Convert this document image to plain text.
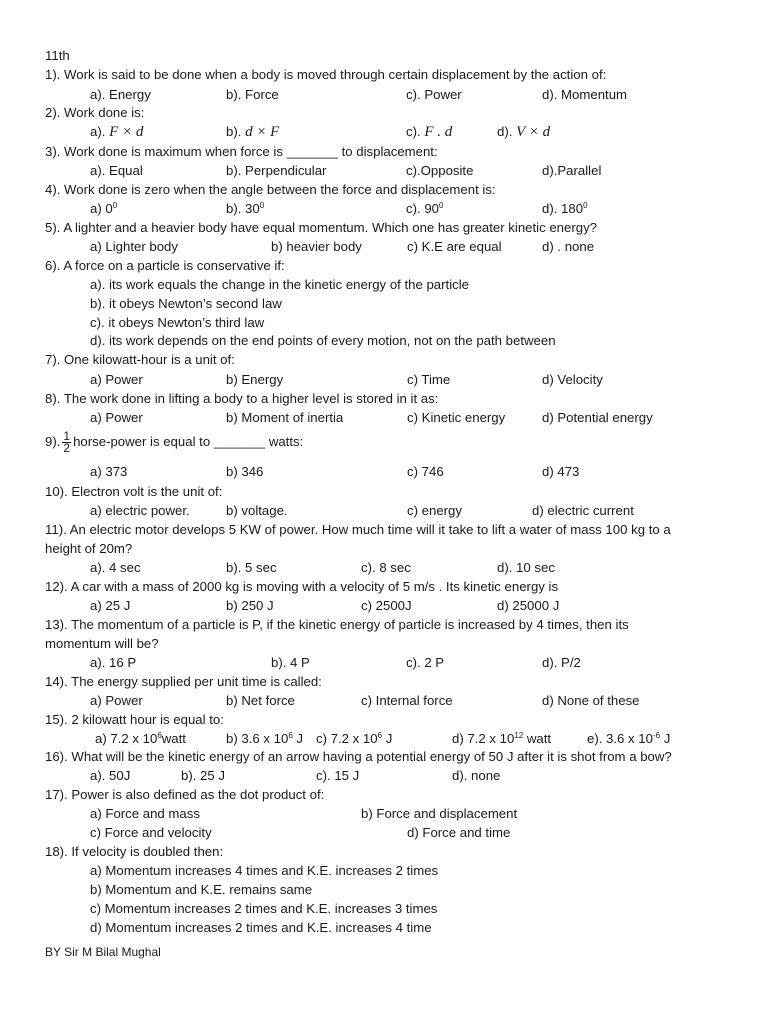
11th
1). Work is said to be done when a body is moved through certain displacement by the action of:
a). Energy	b). Force	c). Power	d). Momentum
2). Work done is:
a). F × d	b). d × F	c). F . d	d). V × d
3). Work done is maximum when force is _______ to displacement:
a). Equal	b). Perpendicular	c).Opposite	d).Parallel
4). Work done is zero when the angle between the force and displacement is:
a) $0^0$	b). $30^0$	c). $90^0$	d). $180^0$
5). A lighter and a heavier body have equal momentum. Which one has greater kinetic energy?
a) Lighter body	b) heavier body	c) K.E are equal	d) . none
6). A force on a particle is conservative if:
a). its work equals the change in the kinetic energy of the particle
b). it obeys Newton’s second law
c). it obeys Newton’s third law
d). its work depends on the end points of every motion, not on the path between
7). One kilowatt-hour is a unit of:
a) Power	b) Energy	c) Time	d) Velocity
8). The work done in lifting a body to a higher level is stored in it as:
a) Power	b) Moment of inertia	c) Kinetic energy	d) Potential energy
9). $\frac{1}{2}$ horse-power is equal to _______ watts:
a) 373	b) 346	c) 746	d) 473
10). Electron volt is the unit of:
a) electric power.	b) voltage.	c) energy	d) electric current
11). An electric motor develops 5 KW of power. How much time will it take to lift a water of mass 100 kg to a
height of 20m?
a). 4 sec	b). 5 sec	c). 8 sec	d). 10 sec
12). A car with a mass of 2000 kg is moving with a velocity of 5 m/s . Its kinetic energy is
a) 25 J	b) 250 J	c) 2500J	d) 25000 J
13). The momentum of a particle is P, if the kinetic energy of particle is increased by 4 times, then its
momentum will be?
a). 16 P	b). 4 P	c). 2 P	d). P/2
14). The energy supplied per unit time is called:
a) Power	b) Net force	c) Internal force	d) None of these
15). 2 kilowatt hour is equal to:
a) 7.2 x $10^6watt$	b) 3.6 x $10^6$ J c) 7.2 x $10^6$ J	d) 7.2 x $10^{12}$ watt	e). 3.6 x $10^{-6}$ J
16). What will be the kinetic energy of an arrow having a potential energy of 50 J after it is shot from a bow?
a). 50J	b). 25 J	c). 15 J	d). none
17). Power is also defined as the dot product of:
a) Force and mass	b) Force and displacement
c) Force and velocity	d) Force and time
18). If velocity is doubled then:
a) Momentum increases 4 times and K.E. increases 2 times
b) Momentum and K.E. remains same
c) Momentum increases 2 times and K.E. increases 3 times
d) Momentum increases 2 times and K.E. increases 4 time
BY Sir M Bilal Mughal
